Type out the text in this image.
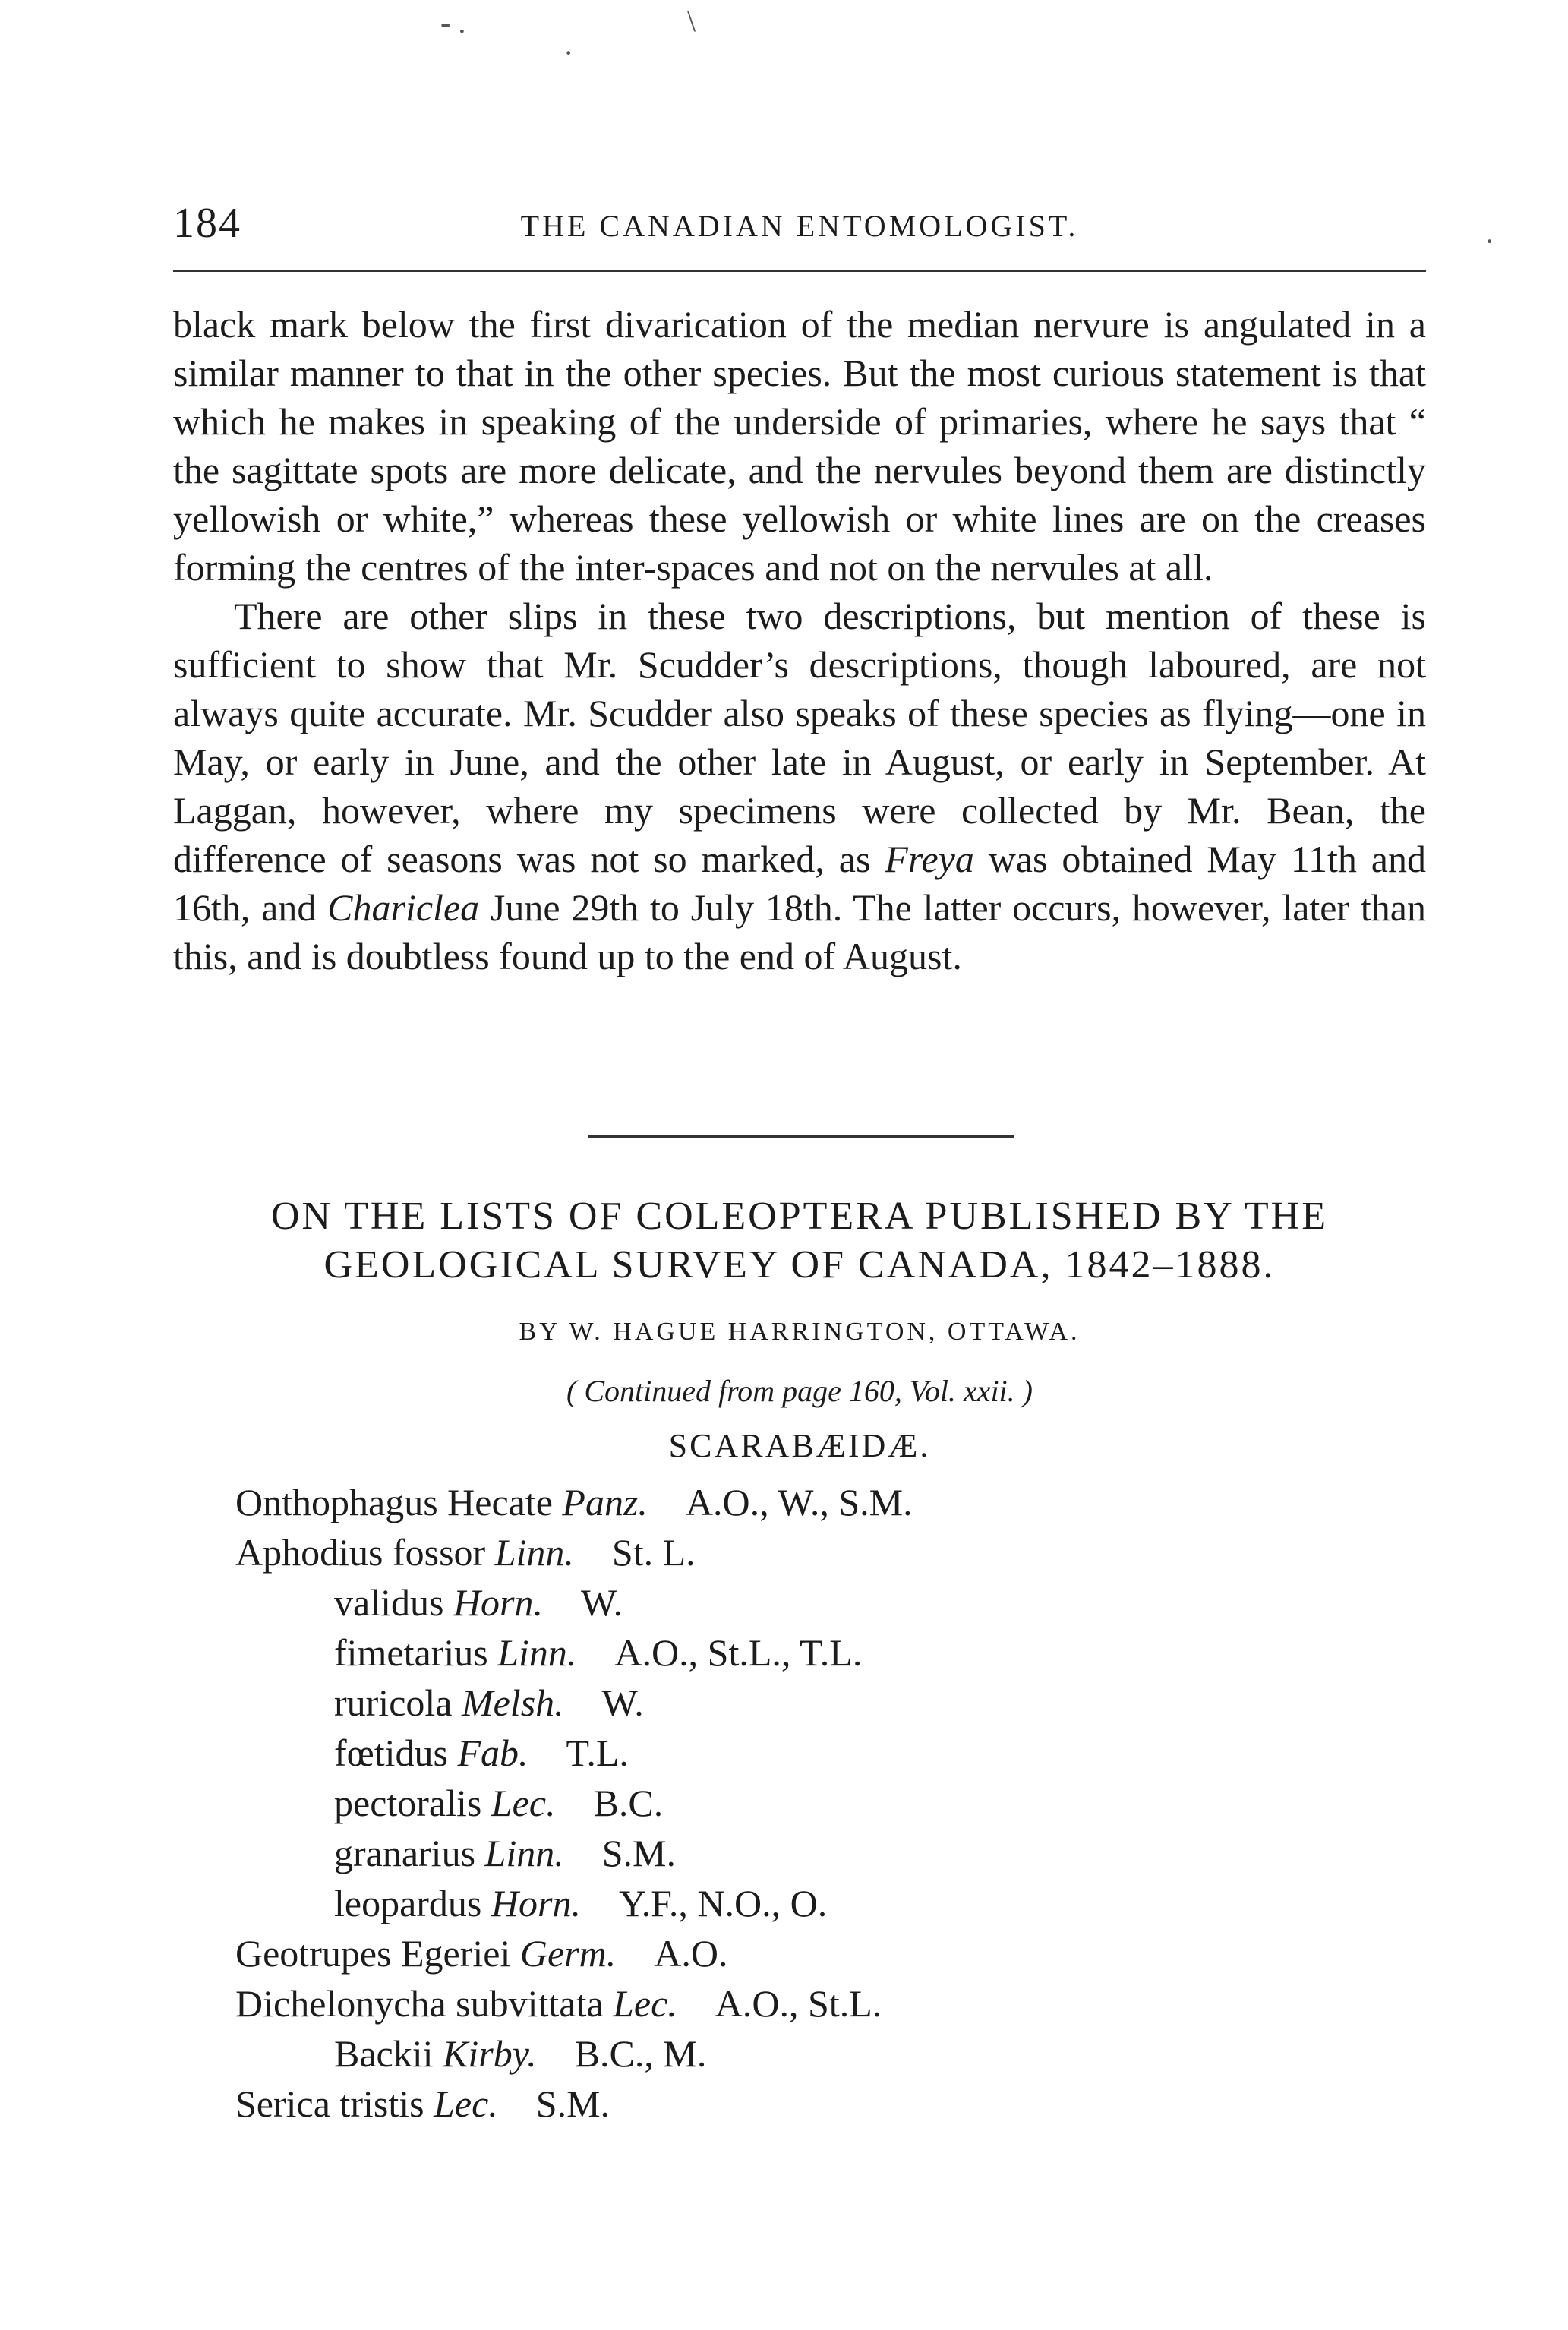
- .	\
·
·
184	THE CANADIAN ENTOMOLOGIST.

black mark below the first divarication of the median nervure is angulated in a similar manner to that in the other species. But the most curious statement is that which he makes in speaking of the underside of primaries, where he says that “ the sagittate spots are more delicate, and the nervules beyond them are distinctly yellowish or white,” whereas these yellowish or white lines are on the creases forming the centres of the inter-spaces and not on the nervules at all.

There are other slips in these two descriptions, but mention of these is sufficient to show that Mr. Scudder’s descriptions, though laboured, are not always quite accurate. Mr. Scudder also speaks of these species as flying—one in May, or early in June, and the other late in August, or early in September. At Laggan, however, where my specimens were collected by Mr. Bean, the difference of seasons was not so marked, as Freya was obtained May 11th and 16th, and Chariclea June 29th to July 18th. The latter occurs, however, later than this, and is doubtless found up to the end of August.

ON THE LISTS OF COLEOPTERA PUBLISHED BY THE
GEOLOGICAL SURVEY OF CANADA, 1842–1888.
BY W. HAGUE HARRINGTON, OTTAWA.
( Continued from page 160, Vol. xxii. )
SCARABÆIDÆ.
Onthophagus Hecate Panz. A.O., W., S.M.
Aphodius fossor Linn. St. L.
validus Horn. W.
fimetarius Linn. A.O., St.L., T.L.
ruricola Melsh. W.
fœtidus Fab. T.L.
pectoralis Lec. B.C.
granarius Linn. S.M.
leopardus Horn. Y.F., N.O., O.
Geotrupes Egeriei Germ. A.O.
Dichelonycha subvittata Lec. A.O., St.L.
Backii Kirby. B.C., M.
Serica tristis Lec. S.M.
